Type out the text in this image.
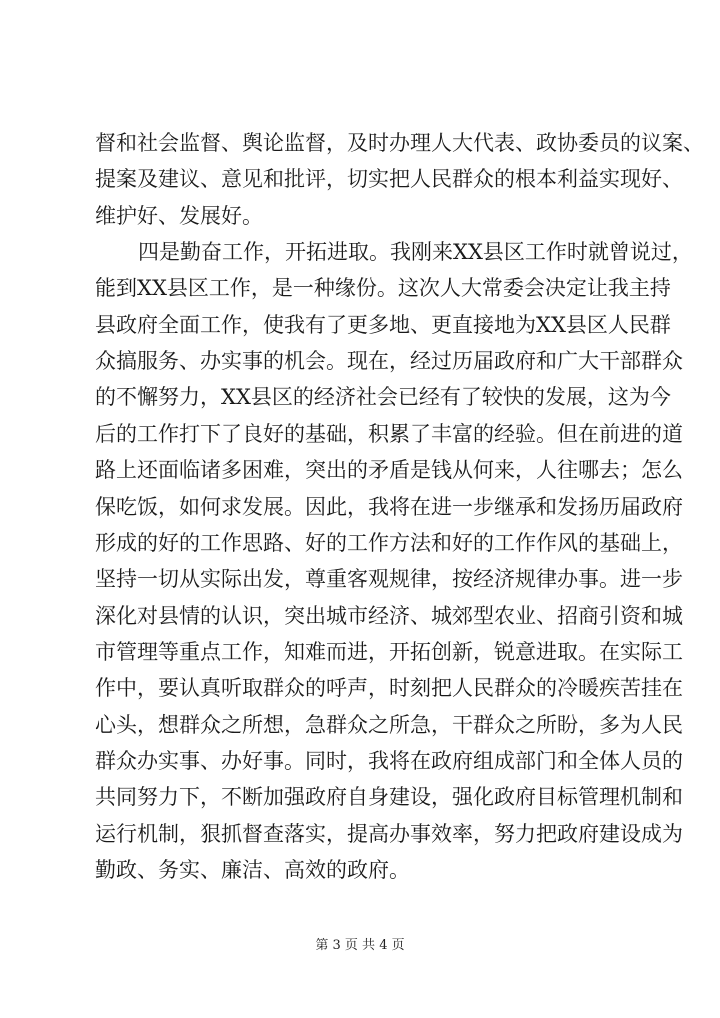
督和社会监督、舆论监督，及时办理人大代表、政协委员的议案、
提案及建议、意见和批评，切实把人民群众的根本利益实现好、
维护好、发展好。
四是勤奋工作，开拓进取。我刚来XX县区工作时就曾说过，
能到XX县区工作，是一种缘份。这次人大常委会决定让我主持
县政府全面工作，使我有了更多地、更直接地为XX县区人民群
众搞服务、办实事的机会。现在，经过历届政府和广大干部群众
的不懈努力，XX县区的经济社会已经有了较快的发展，这为今
后的工作打下了良好的基础，积累了丰富的经验。但在前进的道
路上还面临诸多困难，突出的矛盾是钱从何来，人往哪去；怎么
保吃饭，如何求发展。因此，我将在进一步继承和发扬历届政府
形成的好的工作思路、好的工作方法和好的工作作风的基础上，
坚持一切从实际出发，尊重客观规律，按经济规律办事。进一步
深化对县情的认识，突出城市经济、城郊型农业、招商引资和城
市管理等重点工作，知难而进，开拓创新，锐意进取。在实际工
作中，要认真听取群众的呼声，时刻把人民群众的冷暖疾苦挂在
心头，想群众之所想，急群众之所急，干群众之所盼，多为人民
群众办实事、办好事。同时，我将在政府组成部门和全体人员的
共同努力下，不断加强政府自身建设，强化政府目标管理机制和
运行机制，狠抓督查落实，提高办事效率，努力把政府建设成为
勤政、务实、廉洁、高效的政府。
第 3 页 共 4 页
